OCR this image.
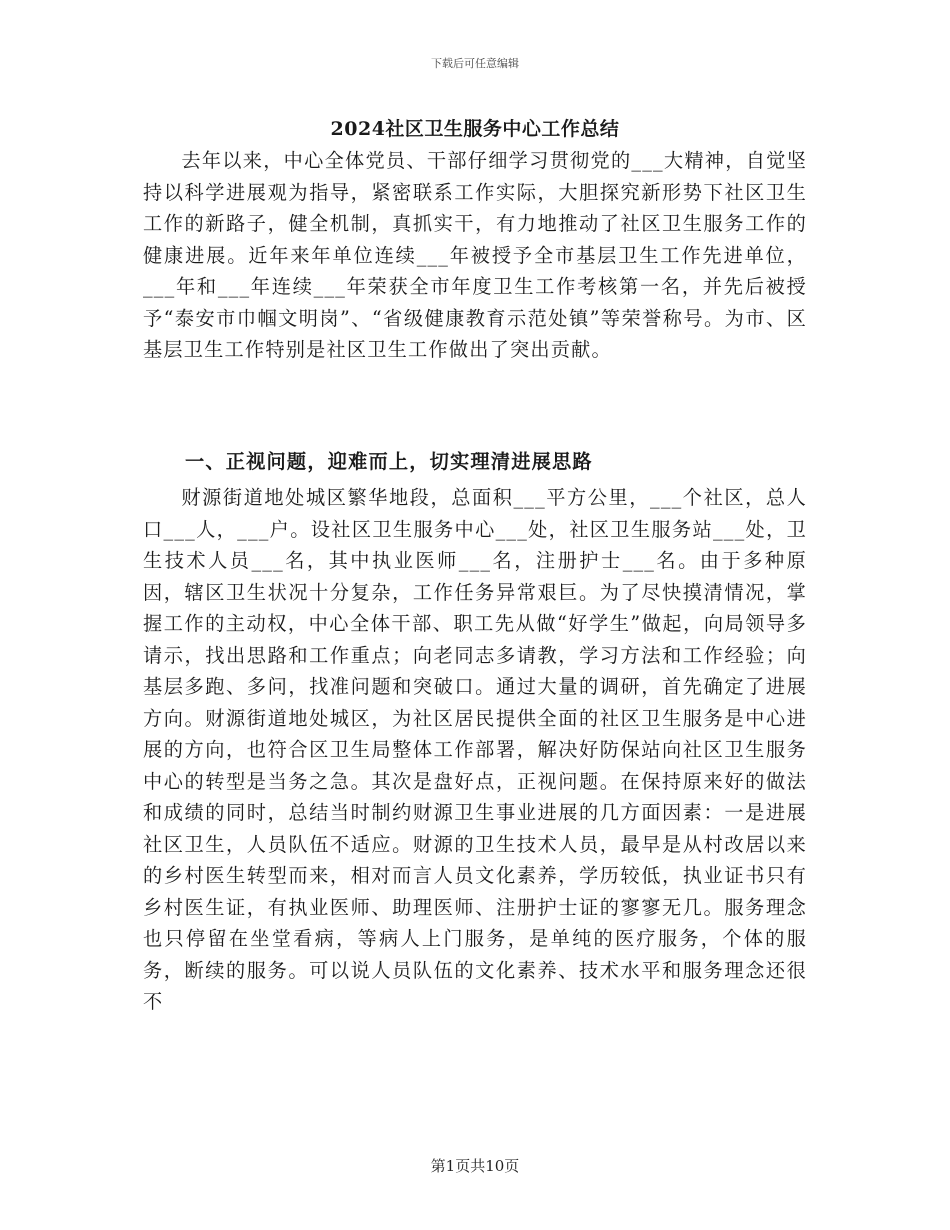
下载后可任意编辑
2024社区卫生服务中心工作总结

去年以来，中心全体党员、干部仔细学习贯彻党的___大精神，自觉坚持以科学进展观为指导，紧密联系工作实际，大胆探究新形势下社区卫生工作的新路子，健全机制，真抓实干，有力地推动了社区卫生服务工作的健康进展。近年来年单位连续___年被授予全市基层卫生工作先进单位，___年和___年连续___年荣获全市年度卫生工作考核第一名，并先后被授予“泰安市巾帼文明岗”、“省级健康教育示范处镇”等荣誉称号。为市、区基层卫生工作特别是社区卫生工作做出了突出贡献。

一、正视问题，迎难而上，切实理清进展思路

财源街道地处城区繁华地段，总面积___平方公里，___个社区，总人口___人，___户。设社区卫生服务中心___处，社区卫生服务站___处，卫生技术人员___名，其中执业医师___名，注册护士___名。由于多种原因，辖区卫生状况十分复杂，工作任务异常艰巨。为了尽快摸清情况，掌握工作的主动权，中心全体干部、职工先从做“好学生”做起，向局领导多请示，找出思路和工作重点；向老同志多请教，学习方法和工作经验；向基层多跑、多问，找准问题和突破口。通过大量的调研，首先确定了进展方向。财源街道地处城区，为社区居民提供全面的社区卫生服务是中心进展的方向，也符合区卫生局整体工作部署，解决好防保站向社区卫生服务中心的转型是当务之急。其次是盘好点，正视问题。在保持原来好的做法和成绩的同时，总结当时制约财源卫生事业进展的几方面因素：一是进展社区卫生，人员队伍不适应。财源的卫生技术人员，最早是从村改居以来的乡村医生转型而来，相对而言人员文化素养，学历较低，执业证书只有乡村医生证，有执业医师、助理医师、注册护士证的寥寥无几。服务理念也只停留在坐堂看病，等病人上门服务，是单纯的医疗服务，个体的服务，断续的服务。可以说人员队伍的文化素养、技术水平和服务理念还很不

第1页共10页
